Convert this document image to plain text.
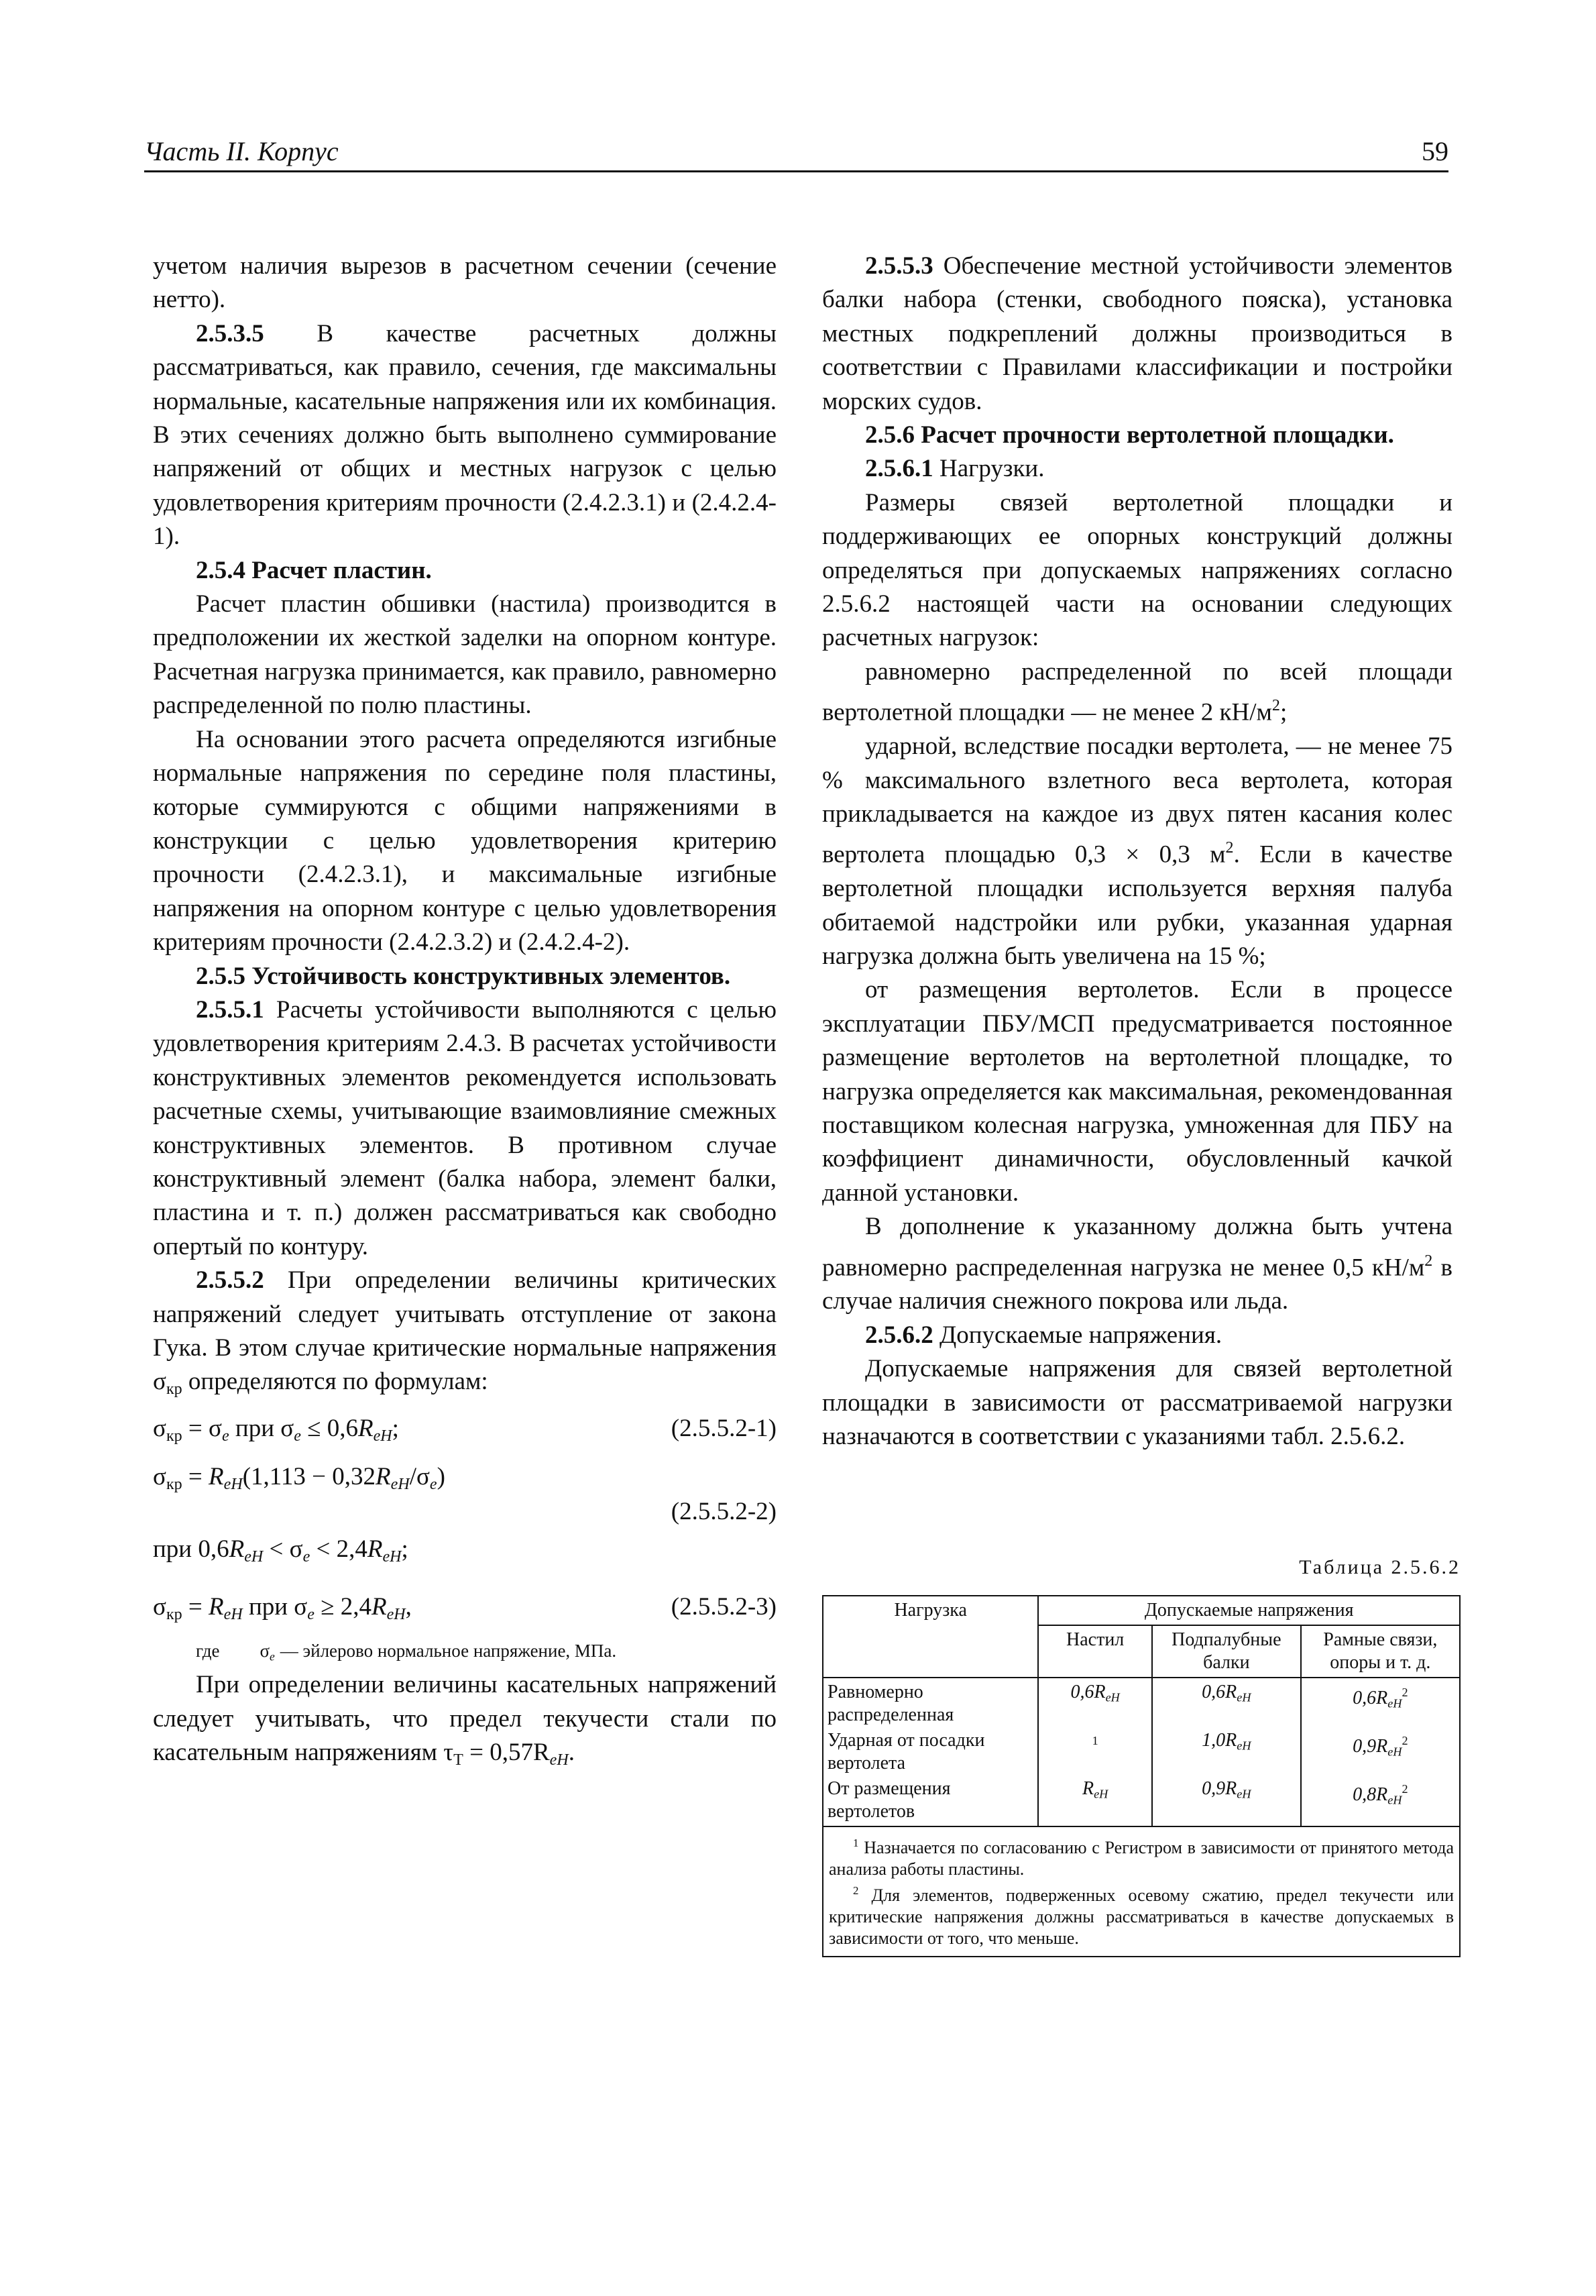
Часть II. Корпус	59

учетом наличия вырезов в расчетном сечении (сечение нетто).

2.5.3.5 В качестве расчетных должны рассматриваться, как правило, сечения, где максимальны нормальные, касательные напряжения или их комбинация. В этих сечениях должно быть выполнено суммирование напряжений от общих и местных нагрузок с целью удовлетворения критериям прочности (2.4.2.3.1) и (2.4.2.4-1).

2.5.4 Расчет пластин.

Расчет пластин обшивки (настила) производится в предположении их жесткой заделки на опорном контуре. Расчетная нагрузка принимается, как правило, равномерно распределенной по полю пластины.

На основании этого расчета определяются изгибные нормальные напряжения по середине поля пластины, которые суммируются с общими напряжениями в конструкции с целью удовлетворения критерию прочности (2.4.2.3.1), и максимальные изгибные напряжения на опорном контуре с целью удовлетворения критериям прочности (2.4.2.3.2) и (2.4.2.4-2).

2.5.5 Устойчивость конструктивных элементов.

2.5.5.1 Расчеты устойчивости выполняются с целью удовлетворения критериям 2.4.3. В расчетах устойчивости конструктивных элементов рекомендуется использовать расчетные схемы, учитывающие взаимовлияние смежных конструктивных элементов. В противном случае конструктивный элемент (балка набора, элемент балки, пластина и т. п.) должен рассматриваться как свободно опертый по контуру.

2.5.5.2 При определении величины критических напряжений следует учитывать отступление от закона Гука. В этом случае критические нормальные напряжения $\sigma_{кр}$ определяются по формулам:

$\sigma_{кр} = \sigma_e$ при $\sigma_e \le 0,6R_{eH}$;	(2.5.5.2-1)
$\sigma_{кр} = R_{eH}(1,113 - 0,32R_{eH}/\sigma_e)$
при $0,6R_{eH} < \sigma_e < 2,4R_{eH}$;
(2.5.5.2-2)
$\sigma_{кр} = R_{eH}$ при $\sigma_e \ge 2,4R_{eH}$,	(2.5.5.2-3)

где $\sigma_e$ — эйлерово нормальное напряжение, МПа.

При определении величины касательных напряжений следует учитывать, что предел текучести стали по касательным напряжениям $\tau_Т = 0,57R_{eH}$.

2.5.5.3 Обеспечение местной устойчивости элементов балки набора (стенки, свободного пояска), установка местных подкреплений должны производиться в соответствии с Правилами классификации и постройки морских судов.

2.5.6 Расчет прочности вертолетной площадки.

2.5.6.1 Нагрузки.

Размеры связей вертолетной площадки и поддерживающих ее опорных конструкций должны определяться при допускаемых напряжениях согласно 2.5.6.2 настоящей части на основании следующих расчетных нагрузок:

равномерно распределенной по всей площади вертолетной площадки — не менее 2 $кН/м^2$;

ударной, вследствие посадки вертолета, — не менее 75 % максимального взлетного веса вертолета, которая прикладывается на каждое из двух пятен касания колес вертолета площадью 0,3 × 0,3 $м^2$. Если в качестве вертолетной площадки используется верхняя палуба обитаемой надстройки или рубки, указанная ударная нагрузка должна быть увеличена на 15 %;

от размещения вертолетов. Если в процессе эксплуатации ПБУ/МСП предусматривается постоянное размещение вертолетов на вертолетной площадке, то нагрузка определяется как максимальная, рекомендованная поставщиком колесная нагрузка, умноженная для ПБУ на коэффициент динамичности, обусловленный качкой данной установки.

В дополнение к указанному должна быть учтена равномерно распределенная нагрузка не менее 0,5 $кН/м^2$ в случае наличия снежного покрова или льда.

2.5.6.2 Допускаемые напряжения.

Допускаемые напряжения для связей вертолетной площадки в зависимости от рассматриваемой нагрузки назначаются в соответствии с указаниями табл. 2.5.6.2.

Таблица 2.5.6.2
Нагрузка	Допускаемые напряжения		
	Настил	Подпалубные балки	Рамные связи, опоры и т. д.
Равномерно распределенная	$0,6R_{eH}$	$0,6R_{eH}$	$0,6R_{eH}^2$
Ударная от посадки вертолета	$^1$	$1,0R_{eH}$	$0,9R_{eH}^2$
От размещения вертолетов	$R_{eH}$	$0,9R_{eH}$	$0,8R_{eH}^2$

$^1$ Назначается по согласованию с Регистром в зависимости от принятого метода анализа работы пластины.

$^2$ Для элементов, подверженных осевому сжатию, предел текучести или критические напряжения должны рассматриваться в качестве допускаемых в зависимости от того, что меньше.			
